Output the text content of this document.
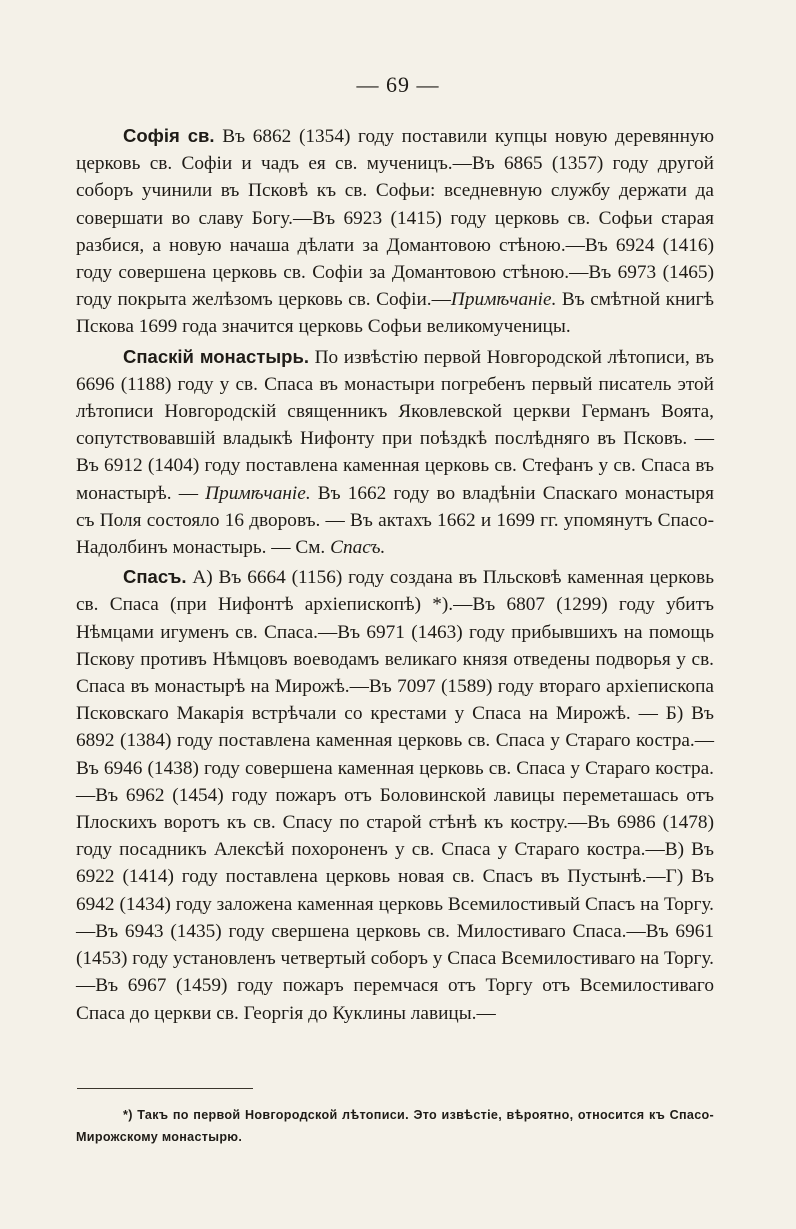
— 69 —

Софія св. Въ 6862 (1354) году поставили купцы новую деревянную церковь св. Софіи и чадъ ея св. мученицъ.—Въ 6865 (1357) году другой соборъ учинили въ Псковѣ къ св. Софьи: вседневную службу держати да совершати во славу Богу.—Въ 6923 (1415) году церковь св. Софьи старая разбися, а новую начаша дѣлати за Домантовою стѣною.—Въ 6924 (1416) году совершена церковь св. Софіи за Домантовою стѣною.—Въ 6973 (1465) году покрыта желѣзомъ церковь св. Софіи.—Примѣчаніе. Въ смѣтной книгѣ Пскова 1699 года значится церковь Софьи великомученицы.

Спаскій монастырь. По извѣстію первой Новгородской лѣтописи, въ 6696 (1188) году у св. Спаса въ монастыри погребенъ первый писатель этой лѣтописи Новгородскій священникъ Яковлевской церкви Германъ Воята, сопутствовавшій владыкѣ Нифонту при поѣздкѣ послѣдняго въ Псковъ. — Въ 6912 (1404) году поставлена каменная церковь св. Стефанъ у св. Спаса въ монастырѣ. — Примѣчаніе. Въ 1662 году во владѣніи Спаскаго монастыря съ Поля состояло 16 дворовъ. — Въ актахъ 1662 и 1699 гг. упомянутъ Спасо-Надолбинъ монастырь. — См. Спасъ.

Спасъ. А) Въ 6664 (1156) году создана въ Пльсковѣ каменная церковь св. Спаса (при Нифонтѣ архіепископѣ) *).—Въ 6807 (1299) году убитъ Нѣмцами игуменъ св. Спаса.—Въ 6971 (1463) году прибывшихъ на помощь Пскову противъ Нѣмцовъ воеводамъ великаго князя отведены подворья у св. Спаса въ монастырѣ на Мирожѣ.—Въ 7097 (1589) году втораго архіепископа Псковскаго Макарія встрѣчали со крестами у Спаса на Мирожѣ. — Б) Въ 6892 (1384) году поставлена каменная церковь св. Спаса у Стараго костра.—Въ 6946 (1438) году совершена каменная церковь св. Спаса у Стараго костра.—Въ 6962 (1454) году пожаръ отъ Боловинской лавицы переметашась отъ Плоскихъ воротъ къ св. Спасу по старой стѣнѣ къ костру.—Въ 6986 (1478) году посадникъ Алексѣй похороненъ у св. Спаса у Стараго костра.—В) Въ 6922 (1414) году поставлена церковь новая св. Спасъ въ Пустынѣ.—Г) Въ 6942 (1434) году заложена каменная церковь Всемилостивый Спасъ на Торгу.—Въ 6943 (1435) году свершена церковь св. Милостиваго Спаса.—Въ 6961 (1453) году установленъ четвертый соборъ у Спаса Всемилостиваго на Торгу.—Въ 6967 (1459) году пожаръ перемчася отъ Торгу отъ Всемилостиваго Спаса до церкви св. Георгія до Куклины лавицы.—

*) Такъ по первой Новгородской лѣтописи. Это извѣстіе, вѣроятно, относится къ Спасо-Мирожскому монастырю.
